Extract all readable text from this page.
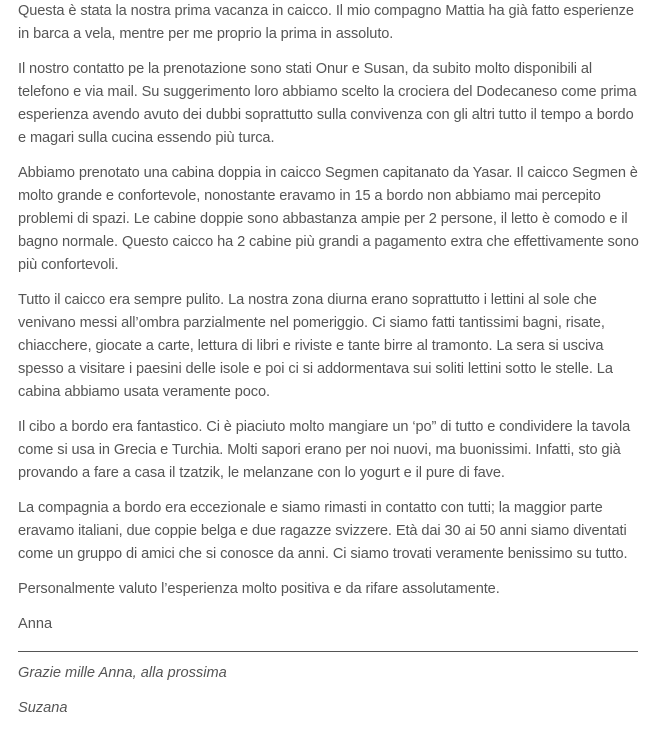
Questa è stata la nostra prima vacanza in caicco. Il mio compagno Mattia ha già fatto esperienze in barca a vela, mentre per me proprio la prima in assoluto.

Il nostro contatto pe la prenotazione sono stati Onur e Susan, da subito molto disponibili al telefono e via mail. Su suggerimento loro abbiamo scelto la crociera del Dodecaneso come prima esperienza avendo avuto dei dubbi soprattutto sulla convivenza con gli altri tutto il tempo a bordo e magari sulla cucina essendo più turca.

Abbiamo prenotato una cabina doppia in caicco Segmen capitanato da Yasar. Il caicco Segmen è molto grande e confortevole, nonostante eravamo in 15 a bordo non abbiamo mai percepito problemi di spazi. Le cabine doppie sono abbastanza ampie per 2 persone, il letto è comodo e il bagno normale. Questo caicco ha 2 cabine più grandi a pagamento extra che effettivamente sono più confortevoli.

Tutto il caicco era sempre pulito. La nostra zona diurna erano soprattutto i lettini al sole che venivano messi all’ombra parzialmente nel pomeriggio. Ci siamo fatti tantissimi bagni, risate, chiacchere, giocate a carte, lettura di libri e riviste e tante birre al tramonto. La sera si usciva spesso a visitare i paesini delle isole e poi ci si addormentava sui soliti lettini sotto le stelle. La cabina abbiamo usata veramente poco.

Il cibo a bordo era fantastico. Ci è piaciuto molto mangiare un ‘po” di tutto e condividere la tavola come si usa in Grecia e Turchia. Molti sapori erano per noi nuovi, ma buonissimi. Infatti, sto già provando a fare a casa il tzatzik, le melanzane con lo yogurt e il pure di fave.

La compagnia a bordo era eccezionale e siamo rimasti in contatto con tutti; la maggior parte eravamo italiani, due coppie belga e due ragazze svizzere. Età dai 30 ai 50 anni siamo diventati come un gruppo di amici che si conosce da anni. Ci siamo trovati veramente benissimo su tutto.

Personalmente valuto l’esperienza molto positiva e da rifare assolutamente.

Anna

Grazie mille Anna, alla prossima

Suzana
